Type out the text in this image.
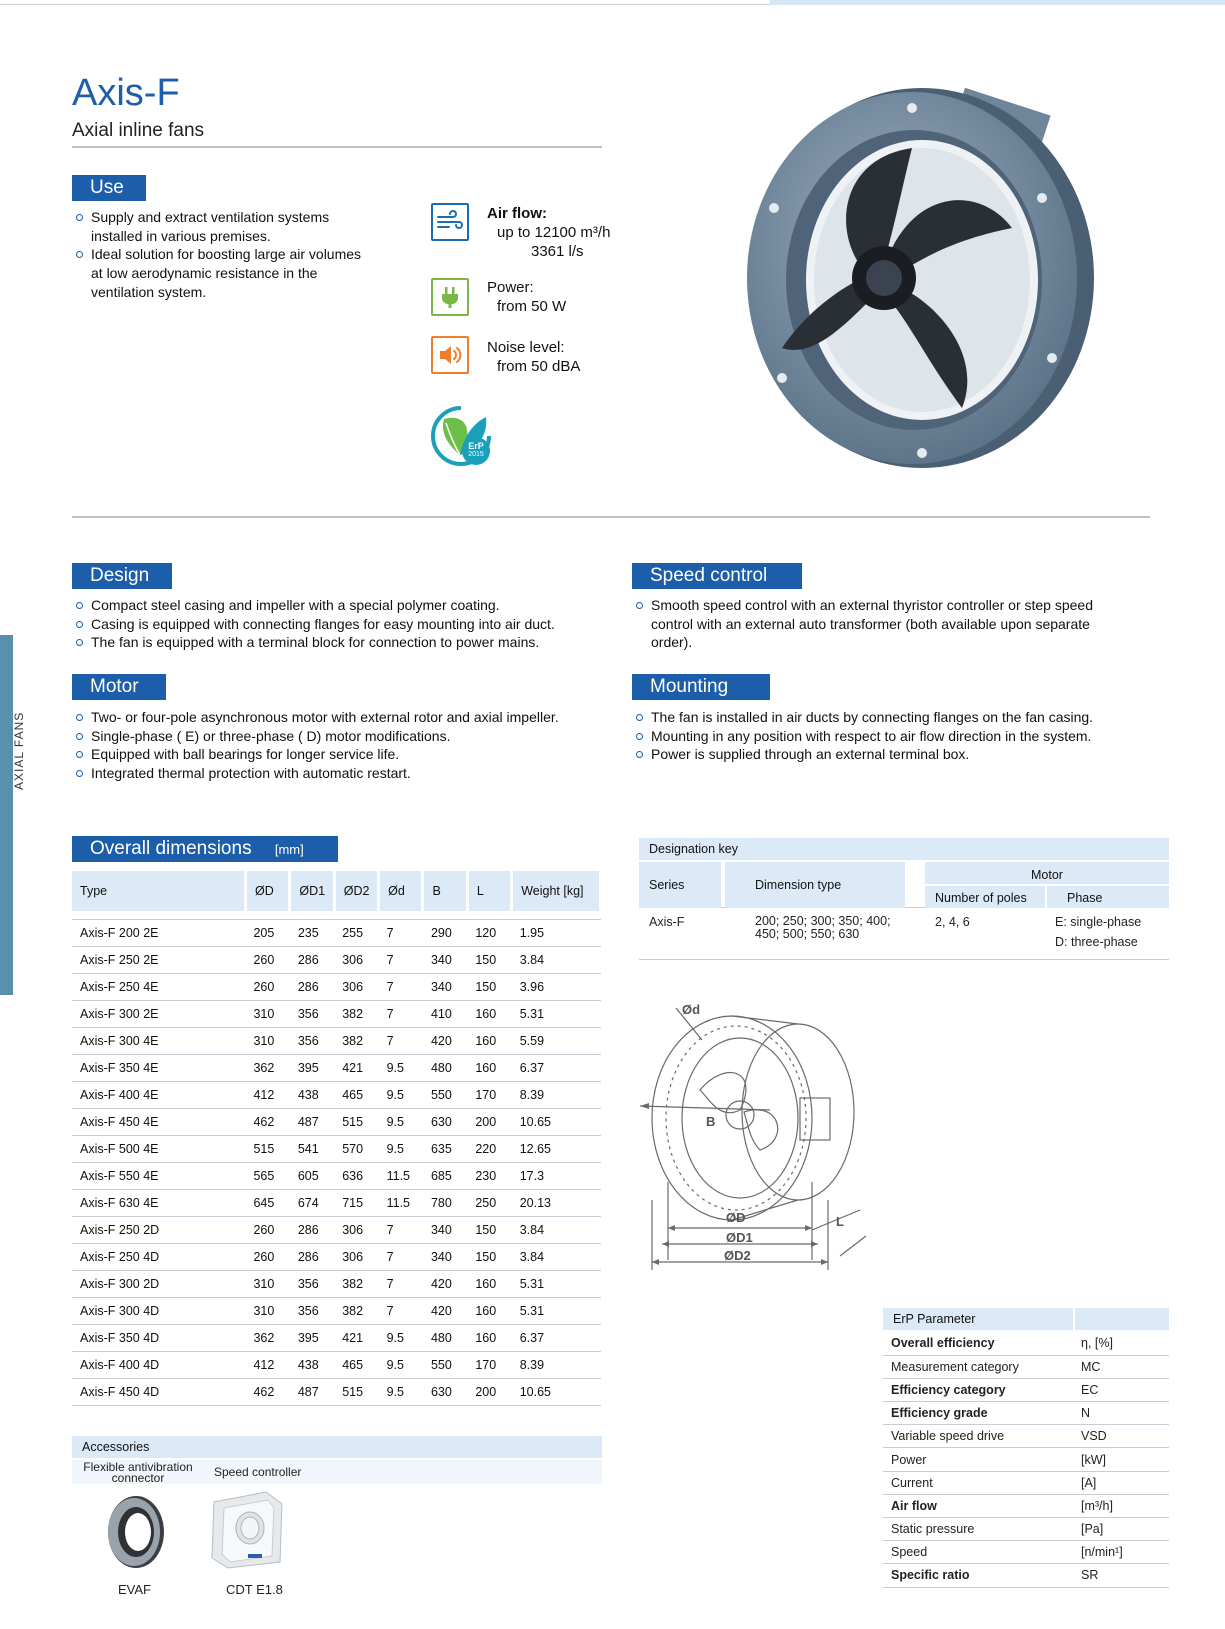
AXIAL FANS
Axis-F
Axial inline fans
Use
Supply and extract ventilation systems installed in various premises.
Ideal solution for boosting large air volumes at low aerodynamic resistance in the ventilation system.
Air flow:
up to 12100 m³/h
3361 l/s
Power:
from 50 W
Noise level:
from 50 dBA
ErP
2015
Design
Compact steel casing and impeller with a special polymer coating.
Casing is equipped with connecting flanges for easy mounting into air duct.
The fan is equipped with a terminal block for connection to power mains.
Speed control
Smooth speed control with an external thyristor controller or step speed control with an external auto transformer (both available upon separate order).
Motor
Two- or four-pole asynchronous motor with external rotor and axial impeller.
Single-phase ( E) or three-phase ( D) motor modifications.
Equipped with ball bearings for longer service life.
Integrated thermal protection with automatic restart.
Mounting
The fan is installed in air ducts by connecting flanges on the fan casing.
Mounting in any position with respect to air flow direction in the system.
Power is supplied through an external terminal box.
Overall dimensions [mm]
Type	ØD	ØD1	ØD2	Ød	B	L	Weight [kg]

Axis-F 200 2E	205	235	255	7	290	120	1.95
Axis-F 250 2E	260	286	306	7	340	150	3.84
Axis-F 250 4E	260	286	306	7	340	150	3.96
Axis-F 300 2E	310	356	382	7	410	160	5.31
Axis-F 300 4E	310	356	382	7	420	160	5.59
Axis-F 350 4E	362	395	421	9.5	480	160	6.37
Axis-F 400 4E	412	438	465	9.5	550	170	8.39
Axis-F 450 4E	462	487	515	9.5	630	200	10.65
Axis-F 500 4E	515	541	570	9.5	635	220	12.65
Axis-F 550 4E	565	605	636	11.5	685	230	17.3
Axis-F 630 4E	645	674	715	11.5	780	250	20.13
Axis-F 250 2D	260	286	306	7	340	150	3.84
Axis-F 250 4D	260	286	306	7	340	150	3.84
Axis-F 300 2D	310	356	382	7	420	160	5.31
Axis-F 300 4D	310	356	382	7	420	160	5.31
Axis-F 350 4D	362	395	421	9.5	480	160	6.37
Axis-F 400 4D	412	438	465	9.5	550	170	8.39
Axis-F 450 4D	462	487	515	9.5	630	200	10.65
Designation key
Series	Dimension type
Motor
Number of poles	Phase
Axis-F	200; 250; 300; 350; 400; 450; 500; 550; 630
2, 4, 6	E: single-phase
D: three-phase
Ød
B
ØD
ØD1
ØD2
L
ErP Parameter
Overall efficiency	η, [%]
Measurement category	MC
Efficiency category	EC
Efficiency grade	N
Variable speed drive	VSD
Power	[kW]
Current	[A]
Air flow	[m³/h]
Static pressure	[Pa]
Speed	[n/min¹]
Specific ratio	SR
Accessories
Flexible antivibration connector	Speed controller
EVAF	CDT E1.8
